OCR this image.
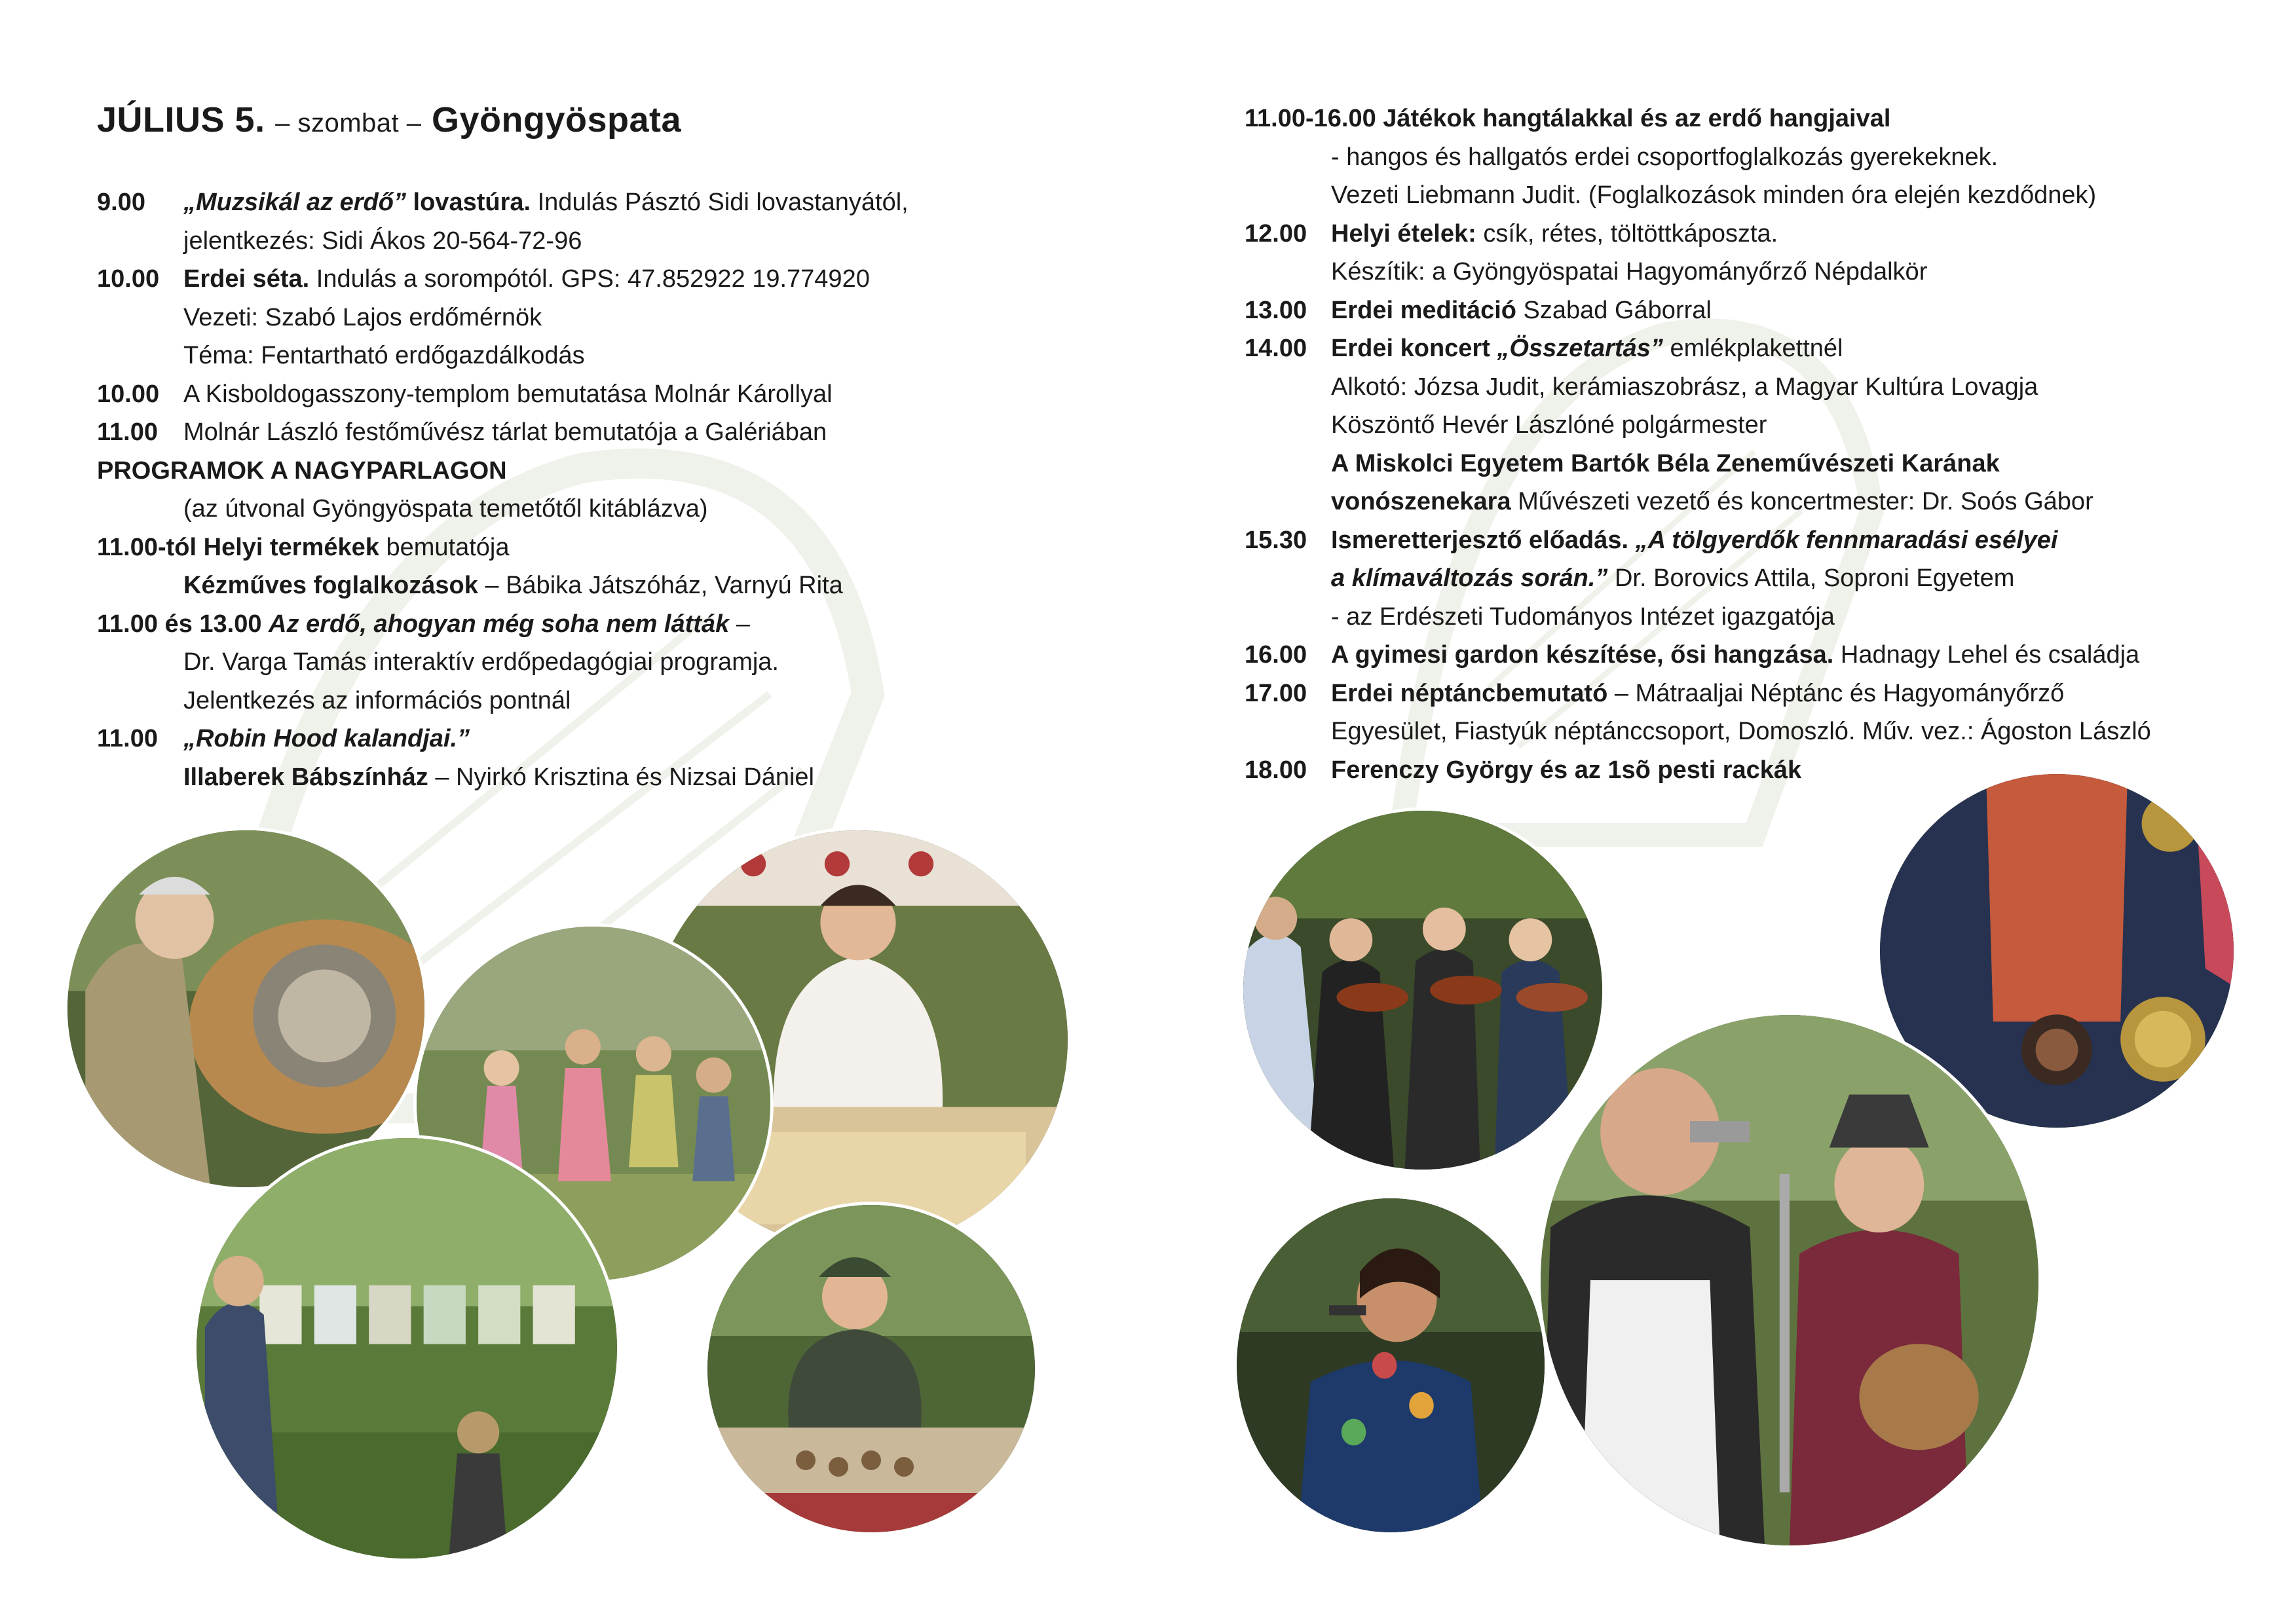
JÚLIUS 5. – szombat – Gyöngyöspata
9.00	„Muzsikál az erdő” lovastúra. Indulás Pásztó Sidi lovastanyától,
jelentkezés: Sidi Ákos 20-564-72-96
10.00 Erdei séta. Indulás a sorompótól. GPS: 47.852922 19.774920
Vezeti: Szabó Lajos erdőmérnök
Téma: Fentartható erdőgazdálkodás
10.00 A Kisboldogasszony-templom bemutatása Molnár Károllyal
11.00	Molnár László festőművész tárlat bemutatója a Galériában
PROGRAMOK A NAGYPARLAGON
(az útvonal Gyöngyöspata temetőtől kitáblázva)
11.00-tól Helyi termékek bemutatója
Kézműves foglalkozások – Bábika Játszóház, Varnyú Rita
11.00 és 13.00 Az erdő, ahogyan még soha nem látták –
Dr. Varga Tamás interaktív erdőpedagógiai programja.
Jelentkezés az információs pontnál
11.00	„Robin Hood kalandjai.”
Illaberek Bábszínház – Nyirkó Krisztina és Nizsai Dániel
11.00-16.00 Játékok hangtálakkal és az erdő hangjaival
- hangos és hallgatós erdei csoportfoglalkozás gyerekeknek.
Vezeti Liebmann Judit. (Foglalkozások minden óra elején kezdődnek)
12.00 Helyi ételek: csík, rétes, töltöttkáposzta.
Készítik: a Gyöngyöspatai Hagyományőrző Népdalkör
13.00 Erdei meditáció Szabad Gáborral
14.00 Erdei koncert „Összetartás” emlékplakettnél
Alkotó: Józsa Judit, kerámiaszobrász, a Magyar Kultúra Lovagja
Köszöntő Hevér Lászlóné polgármester
A Miskolci Egyetem Bartók Béla Zeneművészeti Karának
vonószenekara Művészeti vezető és koncertmester: Dr. Soós Gábor
15.30 Ismeretterjesztő előadás. „A tölgyerdők fennmaradási esélyei
a klímaváltozás során.” Dr. Borovics Attila, Soproni Egyetem
- az Erdészeti Tudományos Intézet igazgatója
16.00 A gyimesi gardon készítése, ősi hangzása. Hadnagy Lehel és családja
17.00 Erdei néptáncbemutató – Mátraaljai Néptánc és Hagyományőrző
Egyesület, Fiastyúk néptánccsoport, Domoszló. Műv. vez.: Ágoston László
18.00 Ferenczy György és az 1sõ pesti rackák
